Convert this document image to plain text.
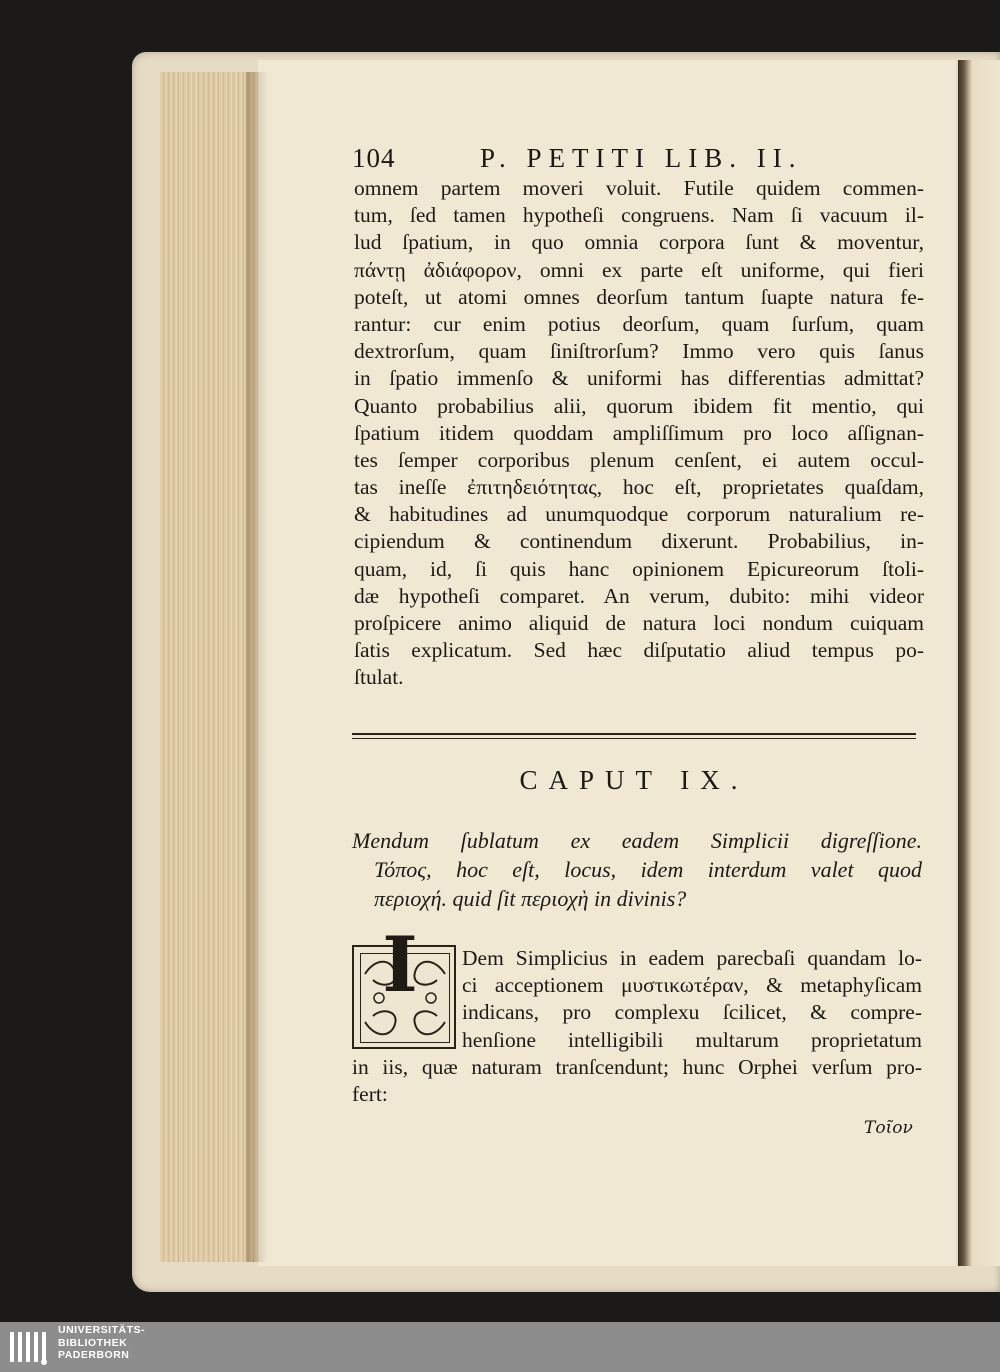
104	P. PETITI LIB. II.
omnem partem moveri voluit. Futile quidem commen-
tum, ſed tamen hypotheſi congruens. Nam ſi vacuum il-
lud ſpatium, in quo omnia corpora ſunt & moventur,
πάντῃ ἀδιάφορον, omni ex parte eſt uniforme, qui fieri
poteſt, ut atomi omnes deorſum tantum ſuapte natura fe-
rantur: cur enim potius deorſum, quam ſurſum, quam
dextrorſum, quam ſiniſtrorſum? Immo vero quis ſanus
in ſpatio immenſo & uniformi has differentias admittat?
Quanto probabilius alii, quorum ibidem fit mentio, qui
ſpatium itidem quoddam ampliſſimum pro loco aſſignan-
tes ſemper corporibus plenum cenſent, ei autem occul-
tas ineſſe ἐπιτηδειότητας, hoc eſt, proprietates quaſdam,
& habitudines ad unumquodque corporum naturalium re-
cipiendum & continendum dixerunt. Probabilius, in-
quam, id, ſi quis hanc opinionem Epicureorum ſtoli-
dæ hypotheſi comparet. An verum, dubito: mihi videor
proſpicere animo aliquid de natura loci nondum cuiquam
ſatis explicatum. Sed hæc diſputatio aliud tempus po-
ſtulat.
CAPUT IX.
Mendum ſublatum ex eadem Simplicii digreſſione.
Τόπος, hoc eſt, locus, idem interdum valet quod
περιοχή. quid ſit περιοχὴ in divinis?
I	Dem Simplicius in eadem parecbaſi quandam lo-
ci acceptionem μυστικωτέραν, & metaphyſicam
indicans, pro complexu ſcilicet, & compre-
henſione intelligibili multarum proprietatum
in iis, quæ naturam tranſcendunt; hunc Orphei verſum pro-
fert:
Τοῖον
UNIVERSITÄTS-
BIBLIOTHEK
PADERBORN
